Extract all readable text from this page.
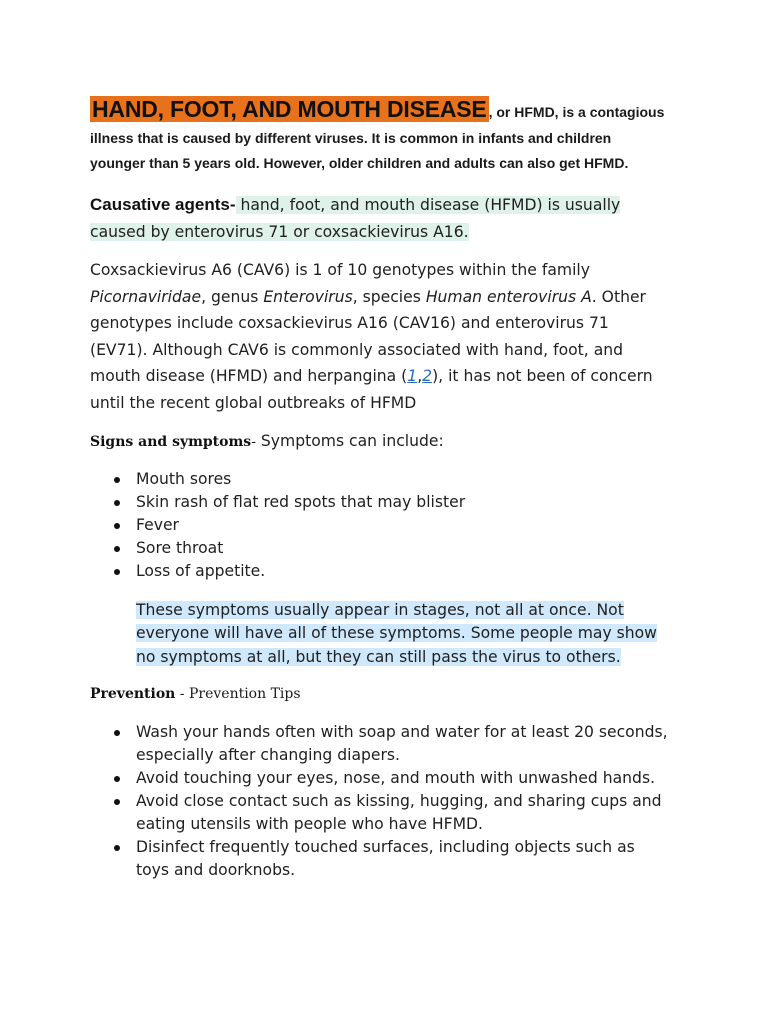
HAND, FOOT, AND MOUTH DISEASE , or HFMD, is a contagious illness that is caused by different viruses. It is common in infants and children younger than 5 years old. However, older children and adults can also get HFMD.

Causative agents- hand, foot, and mouth disease (HFMD) is usually caused by enterovirus 71 or coxsackievirus A16.

Coxsackievirus A6 (CAV6) is 1 of 10 genotypes within the family Picornaviridae, genus Enterovirus, species Human enterovirus A. Other genotypes include coxsackievirus A16 (CAV16) and enterovirus 71 (EV71). Although CAV6 is commonly associated with hand, foot, and mouth disease (HFMD) and herpangina (1,2), it has not been of concern until the recent global outbreaks of HFMD

Signs and symptoms- Symptoms can include:

Mouth sores
Skin rash of flat red spots that may blister
Fever
Sore throat
Loss of appetite.

These symptoms usually appear in stages, not all at once. Not everyone will have all of these symptoms. Some people may show no symptoms at all, but they can still pass the virus to others.

Prevention - Prevention Tips

Wash your hands often with soap and water for at least 20 seconds, especially after changing diapers.
Avoid touching your eyes, nose, and mouth with unwashed hands.
Avoid close contact such as kissing, hugging, and sharing cups and eating utensils with people who have HFMD.
Disinfect frequently touched surfaces, including objects such as toys and doorknobs.
